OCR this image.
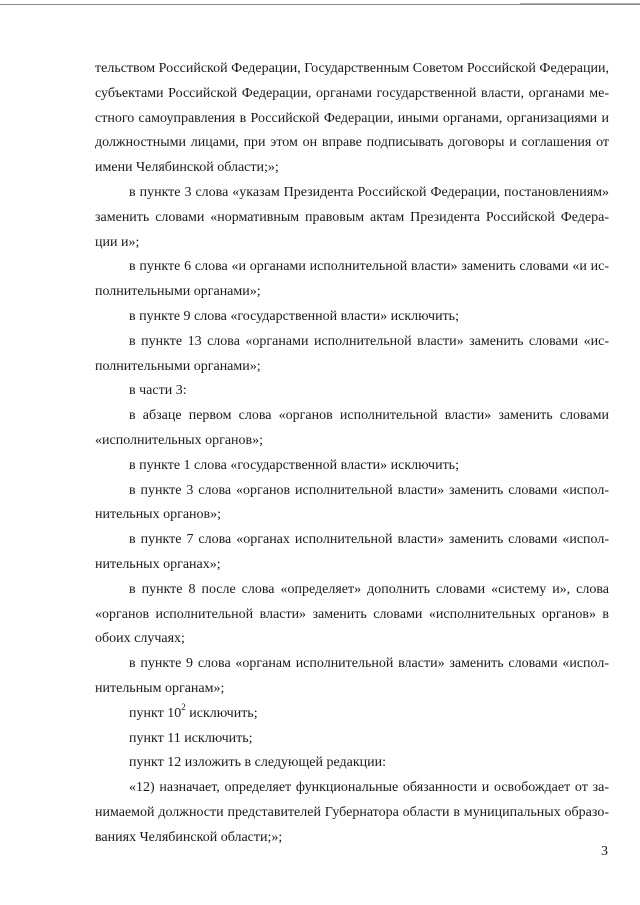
тельством Российской Федерации, Государственным Советом Российской Федерации,
субъектами Российской Федерации, органами государственной власти, органами ме-
стного самоуправления в Российской Федерации, иными органами, организациями и
должностными лицами, при этом он вправе подписывать договоры и соглашения от
имени Челябинской области;»;
в пункте 3 слова «указам Президента Российской Федерации, постановлениям»
заменить словами «нормативным правовым актам Президента Российской Федера-
ции и»;
в пункте 6 слова «и органами исполнительной власти» заменить словами «и ис-
полнительными органами»;
в пункте 9 слова «государственной власти» исключить;
в пункте 13 слова «органами исполнительной власти» заменить словами «ис-
полнительными органами»;
в части 3:
в абзаце первом слова «органов исполнительной власти» заменить словами
«исполнительных органов»;
в пункте 1 слова «государственной власти» исключить;
в пункте 3 слова «органов исполнительной власти» заменить словами «испол-
нительных органов»;
в пункте 7 слова «органах исполнительной власти» заменить словами «испол-
нительных органах»;
в пункте 8 после слова «определяет» дополнить словами «систему и», слова
«органов исполнительной власти» заменить словами «исполнительных органов» в
обоих случаях;
в пункте 9 слова «органам исполнительной власти» заменить словами «испол-
нительным органам»;
пункт $10^2$ исключить;
пункт 11 исключить;
пункт 12 изложить в следующей редакции:
«12) назначает, определяет функциональные обязанности и освобождает от за-
нимаемой должности представителей Губернатора области в муниципальных образо-
ваниях Челябинской области;»;
3
